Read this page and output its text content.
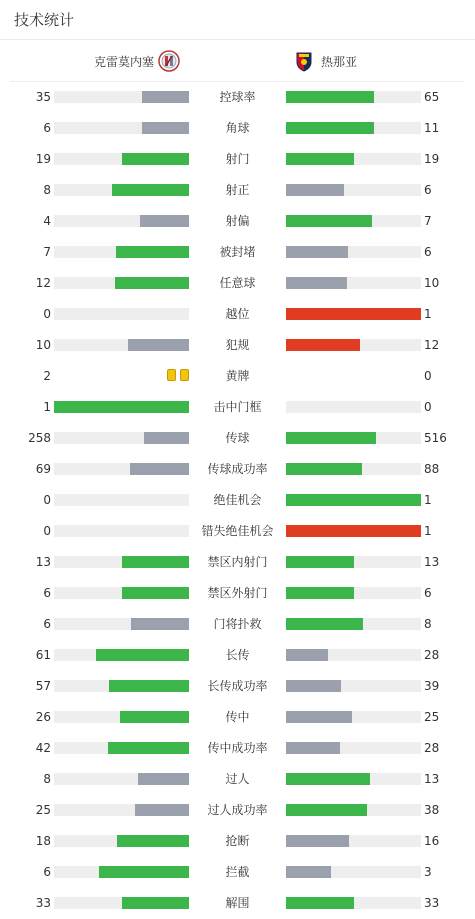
技术统计
克雷莫内塞	热那亚
35	控球率	65
6	角球	11
19	射门	19
8	射正	6
4	射偏	7
7	被封堵	6
12	任意球	10
0	越位	1
10	犯规	12
2	黄牌	0
1	击中门框	0
258	传球	516
69	传球成功率	88
0	绝佳机会	1
0	错失绝佳机会	1
13	禁区内射门	13
6	禁区外射门	6
6	门将扑救	8
61	长传	28
57	长传成功率	39
26	传中	25
42	传中成功率	28
8	过人	13
25	过人成功率	38
18	抢断	16
6	拦截	3
33	解围	33
